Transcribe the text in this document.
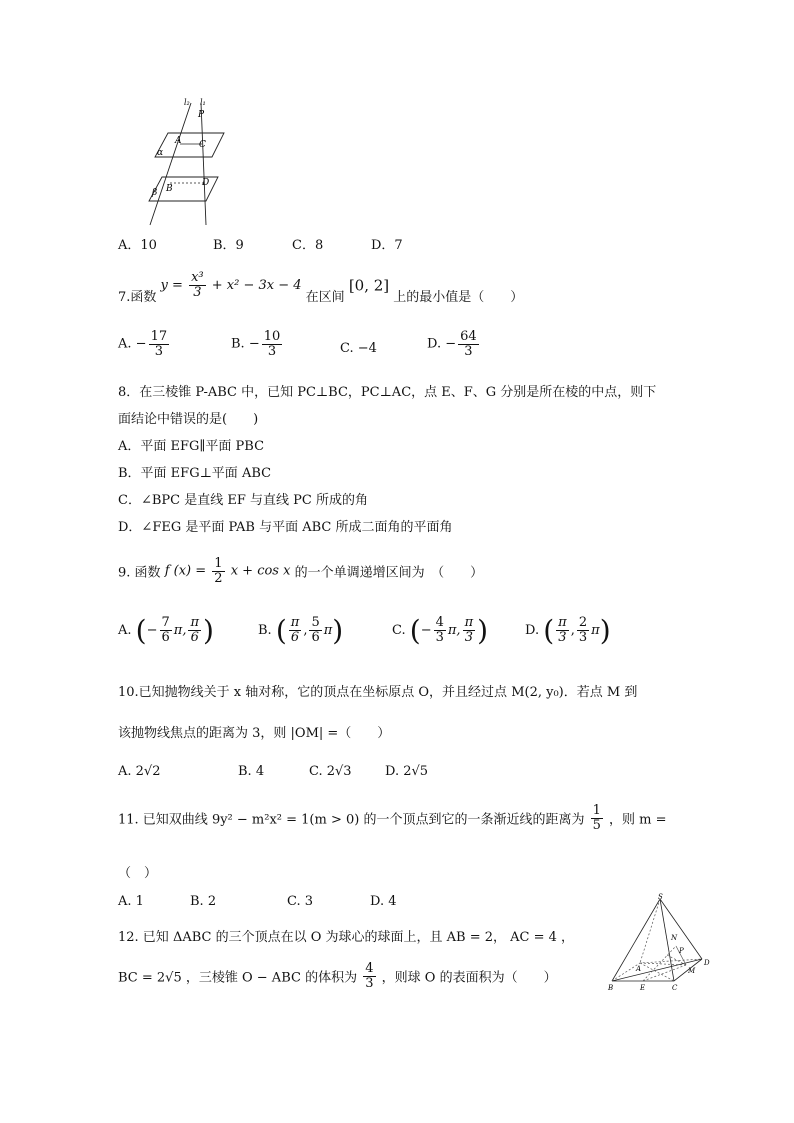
l₂ l₁
P
A C
α
B
D
β
A．10	B．9	C．8	D．7
7.函数 $y = \frac{\text{x³}}{3} + x^2 - 3x - 4$ 在区间 [0, 2] 上的最小值是（　　）
A. − $\frac{17}{3}$	B. − $\frac{10}{3}$	C. −4	D. − $\frac{64}{3}$
8．在三棱锥 P-ABC 中，已知 PC⊥BC，PC⊥AC，点 E、F、G 分别是所在棱的中点，则下
面结论中错误的是(　　)
A．平面 EFG∥平面 PBC
B．平面 EFG⊥平面 ABC
C．∠BPC 是直线 EF 与直线 PC 所成的角
D．∠FEG 是平面 PAB 与平面 ABC 所成二面角的平面角
9. 函数 f $(x) = \frac{1}{2}$ x + cos x 的一个单调递增区间为　（　　）
A. (− $\frac{7}{6} \pi$, $\frac{\pi}{6}$ )	B. ( $\frac{\pi}{6}$ , $\frac{5}{6} \pi$)	C. (− $\frac{4}{3} \pi$, $\frac{\pi}{3}$ )	D. ( $\frac{\pi}{3}$ , $\frac{2}{3} \pi$)
10.已知抛物线关于 x 轴对称，它的顶点在坐标原点 O，并且经过点 M(2, y₀)．若点 M 到
该抛物线焦点的距离为 3，则 |OM| =（　　）
A. 2√2	B. 4	C. 2√3	D. 2√5
11. 已知双曲线 9y² − m²x² = 1(m > 0) 的一个顶点到它的一条渐近线的距离为 $\frac{1}{5}$ ，则 m =
（　）
A. 1	B. 2	C. 3	D. 4
12. 已知 ΔABC 的三个顶点在以 O 为球心的球面上，且 AB = 2， AC = 4 ，
BC = 2√5 ，三棱锥 O − ABC 的体积为 $\frac{4}{3}$ ，则球 O 的表面积为（　　）
S
N
P
A
D
B	E	C
M
